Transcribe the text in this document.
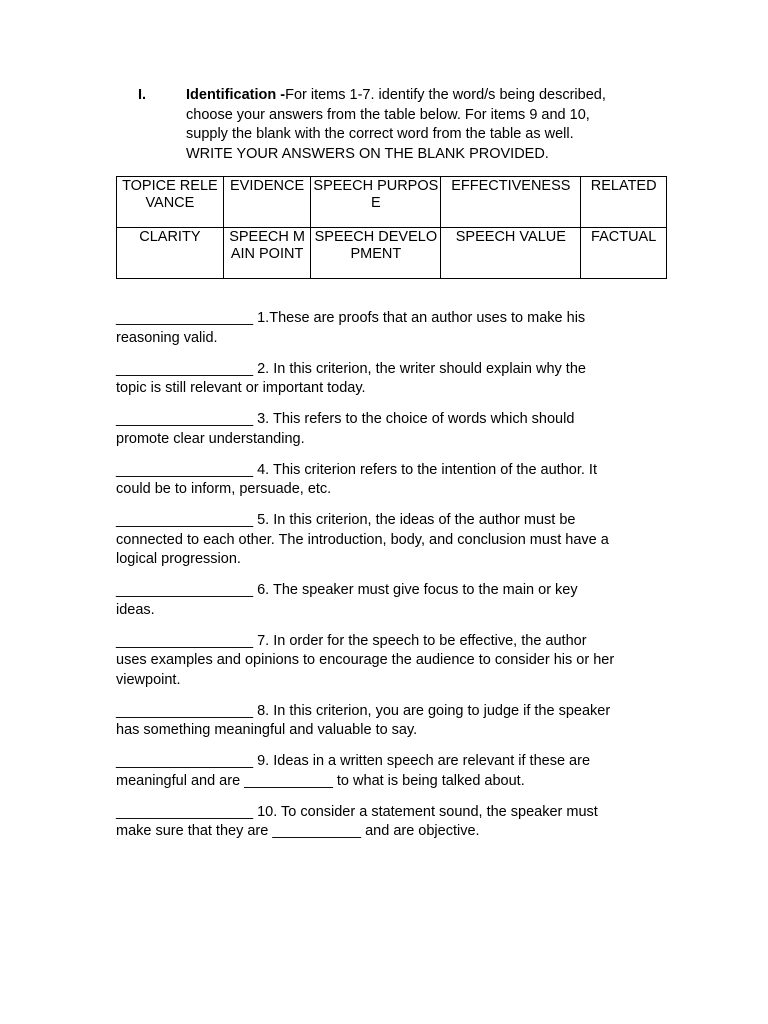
I.	Identification -For items 1-7. identify the word/s being described,
choose your answers from the table below. For items 9 and 10,
supply the blank with the correct word from the table as well.
WRITE YOUR ANSWERS ON THE BLANK PROVIDED.
TOPICE RELEVANCE	EVIDENCE	SPEECH PURPOSE	EFFECTIVENESS	RELATED
CLARITY	SPEECH MAIN POINT	SPEECH DEVELOPMENT	SPEECH VALUE	FACTUAL
_________________ 1.These are proofs that an author uses to make his
reasoning valid.
_________________ 2. In this criterion, the writer should explain why the
topic is still relevant or important today.
_________________ 3. This refers to the choice of words which should
promote clear understanding.
_________________ 4. This criterion refers to the intention of the author. It
could be to inform, persuade, etc.
_________________ 5. In this criterion, the ideas of the author must be
connected to each other. The introduction, body, and conclusion must have a
logical progression.
_________________ 6. The speaker must give focus to the main or key
ideas.
_________________ 7. In order for the speech to be effective, the author
uses examples and opinions to encourage the audience to consider his or her
viewpoint.
_________________ 8. In this criterion, you are going to judge if the speaker
has something meaningful and valuable to say.
_________________ 9. Ideas in a written speech are relevant if these are
meaningful and are ___________ to what is being talked about.
_________________ 10. To consider a statement sound, the speaker must
make sure that they are ___________ and are objective.
